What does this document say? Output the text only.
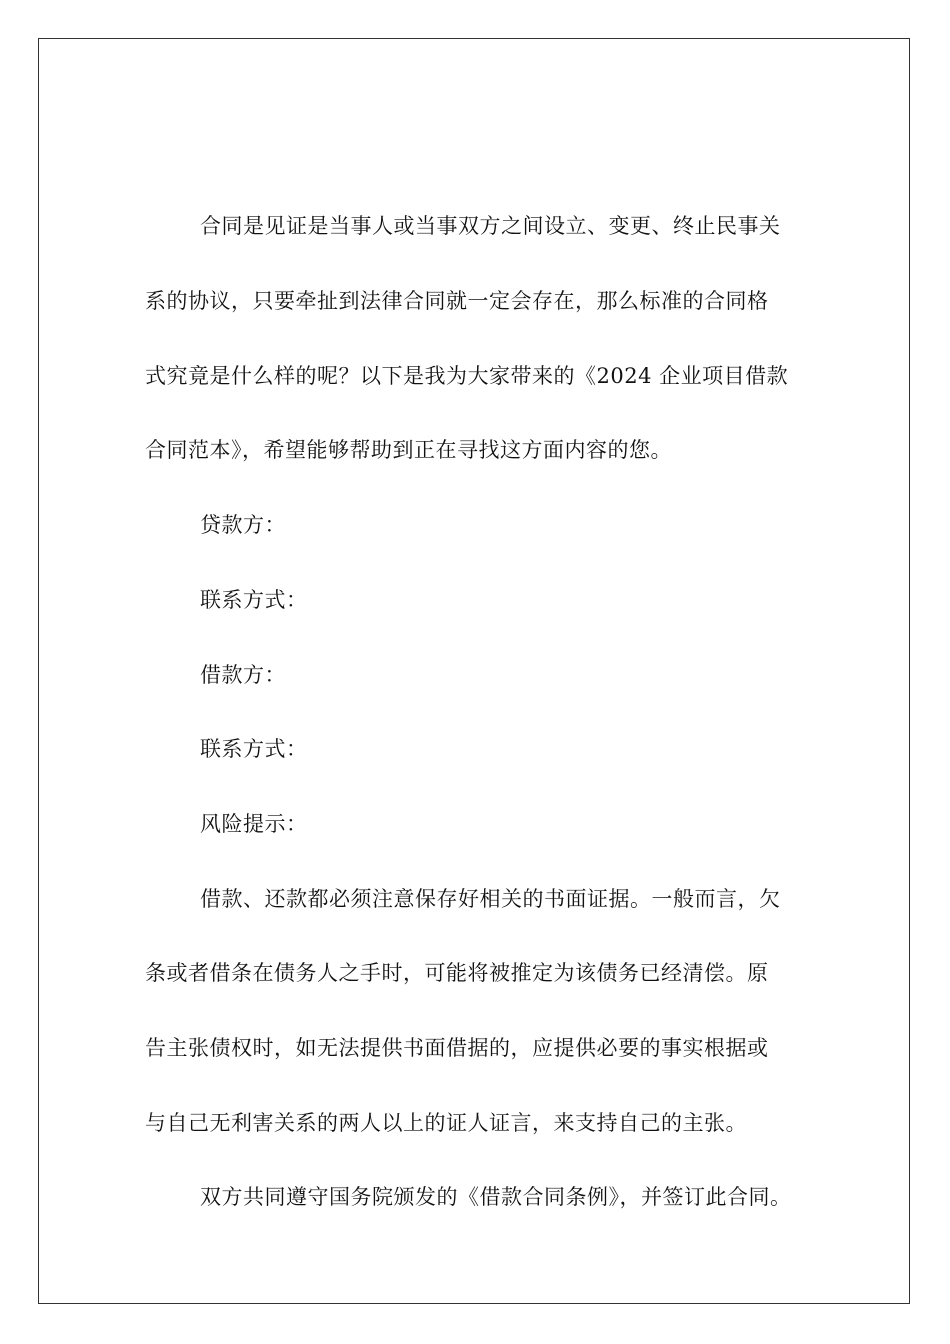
合同是见证是当事人或当事双方之间设立、变更、终止民事关
系的协议，只要牵扯到法律合同就一定会存在，那么标准的合同格
式究竟是什么样的呢？以下是我为大家带来的《2024 企业项目借款
合同范本》，希望能够帮助到正在寻找这方面内容的您。
贷款方：
联系方式：
借款方：
联系方式：
风险提示：
借款、还款都必须注意保存好相关的书面证据。一般而言，欠
条或者借条在债务人之手时，可能将被推定为该债务已经清偿。原
告主张债权时，如无法提供书面借据的，应提供必要的事实根据或
与自己无利害关系的两人以上的证人证言，来支持自己的主张。
双方共同遵守国务院颁发的《借款合同条例》，并签订此合同。
